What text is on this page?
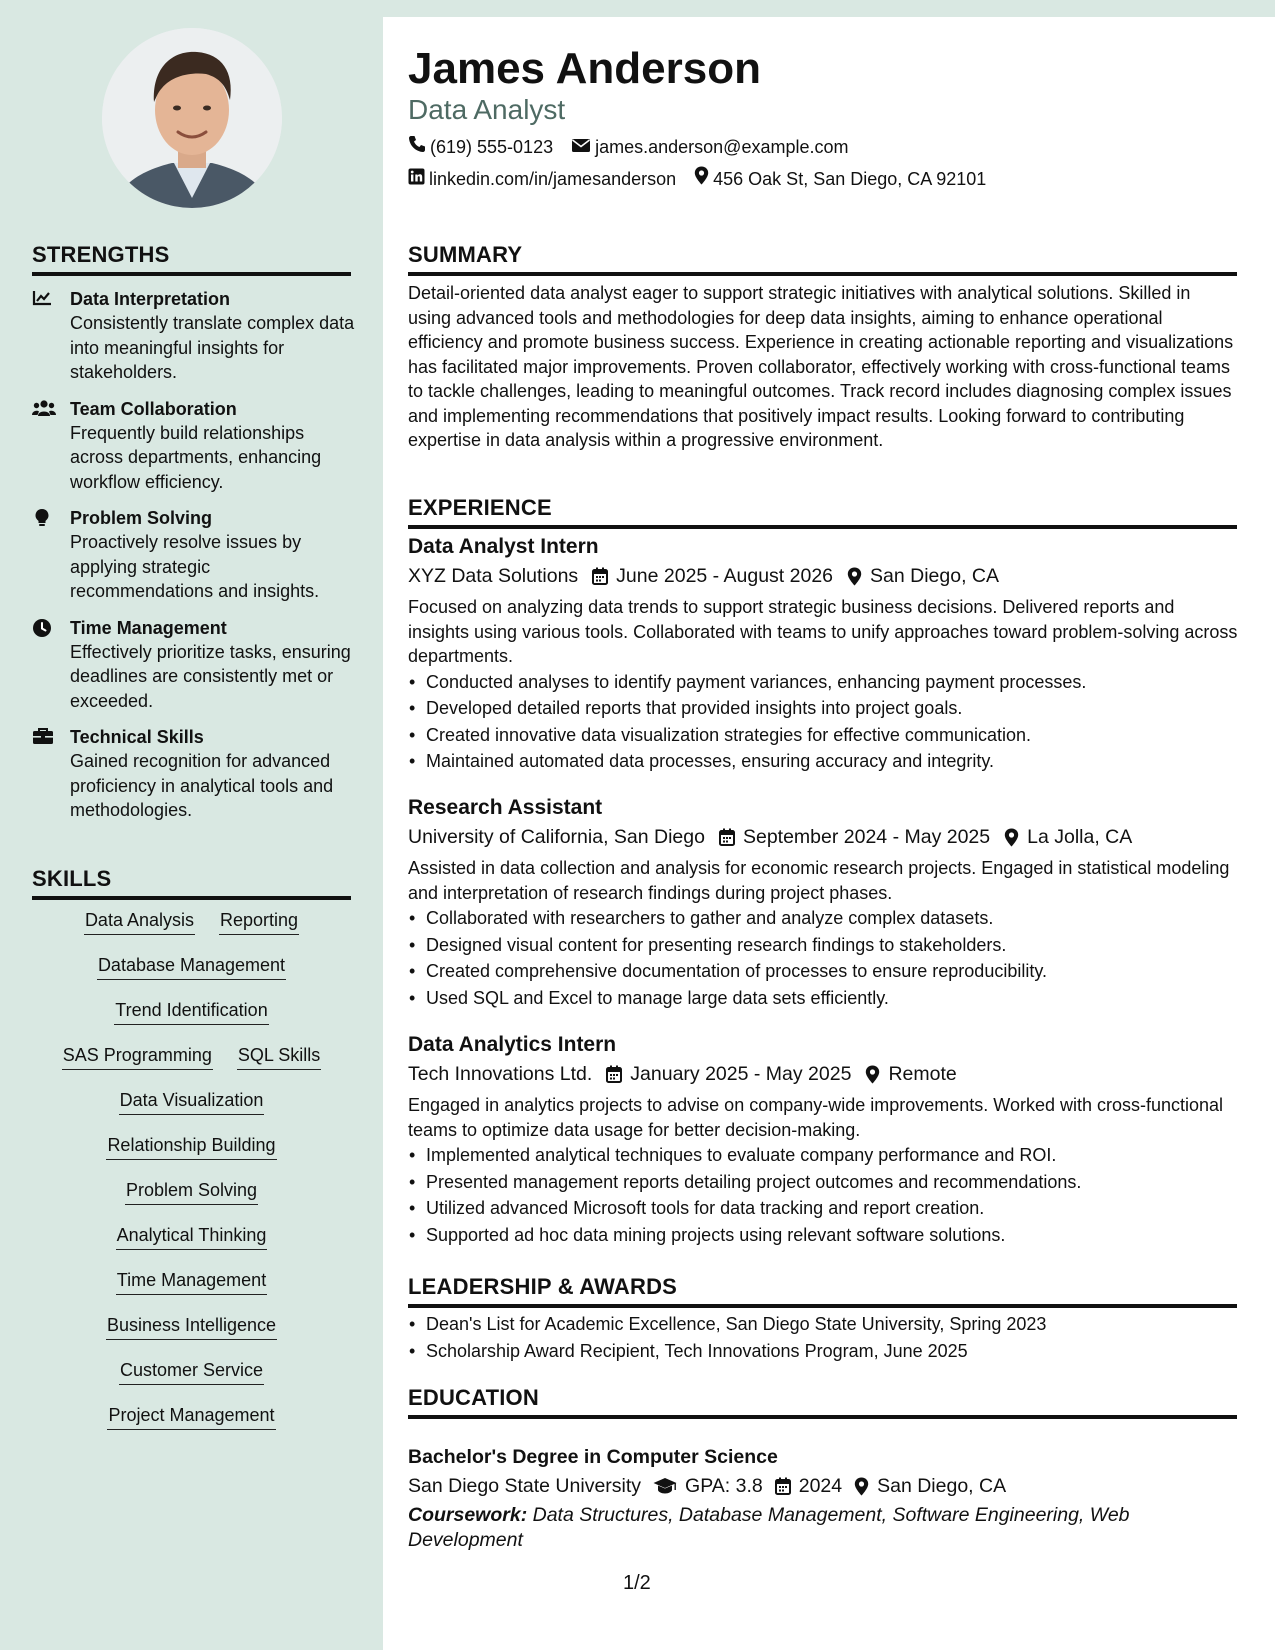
STRENGTHS
Data Interpretation
Consistently translate complex data into meaningful insights for stakeholders.
Team Collaboration
Frequently build relationships across departments, enhancing workflow efficiency.
Problem Solving
Proactively resolve issues by applying strategic recommendations and insights.
Time Management
Effectively prioritize tasks, ensuring deadlines are consistently met or exceeded.
Technical Skills
Gained recognition for advanced proficiency in analytical tools and methodologies.
SKILLS
Data Analysis Reporting
Database Management
Trend Identification
SAS Programming SQL Skills
Data Visualization
Relationship Building
Problem Solving
Analytical Thinking
Time Management
Business Intelligence
Customer Service
Project Management
James Anderson
Data Analyst
(619) 555-0123 james.anderson@example.com
linkedin.com/in/jamesanderson 456 Oak St, San Diego, CA 92101
SUMMARY

Detail-oriented data analyst eager to support strategic initiatives with analytical solutions. Skilled in using advanced tools and methodologies for deep data insights, aiming to enhance operational efficiency and promote business success. Experience in creating actionable reporting and visualizations has facilitated major improvements. Proven collaborator, effectively working with cross-functional teams to tackle challenges, leading to meaningful outcomes. Track record includes diagnosing complex issues and implementing recommendations that positively impact results. Looking forward to contributing expertise in data analysis within a progressive environment.

EXPERIENCE
Data Analyst Intern
XYZ Data Solutions June 2025 - August 2026 San Diego, CA

Focused on analyzing data trends to support strategic business decisions. Delivered reports and insights using various tools. Collaborated with teams to unify approaches toward problem-solving across departments.

• Conducted analyses to identify payment variances, enhancing payment processes.
• Developed detailed reports that provided insights into project goals.
• Created innovative data visualization strategies for effective communication.
• Maintained automated data processes, ensuring accuracy and integrity.
Research Assistant
University of California, San Diego September 2024 - May 2025 La Jolla, CA

Assisted in data collection and analysis for economic research projects. Engaged in statistical modeling and interpretation of research findings during project phases.

• Collaborated with researchers to gather and analyze complex datasets.
• Designed visual content for presenting research findings to stakeholders.
• Created comprehensive documentation of processes to ensure reproducibility.
• Used SQL and Excel to manage large data sets efficiently.
Data Analytics Intern
Tech Innovations Ltd. January 2025 - May 2025 Remote

Engaged in analytics projects to advise on company-wide improvements. Worked with cross-functional teams to optimize data usage for better decision-making.

• Implemented analytical techniques to evaluate company performance and ROI.
• Presented management reports detailing project outcomes and recommendations.
• Utilized advanced Microsoft tools for data tracking and report creation.
• Supported ad hoc data mining projects using relevant software solutions.
LEADERSHIP & AWARDS
• Dean's List for Academic Excellence, San Diego State University, Spring 2023
• Scholarship Award Recipient, Tech Innovations Program, June 2025
EDUCATION
Bachelor's Degree in Computer Science
San Diego State University GPA: 3.8 2024 San Diego, CA
Coursework: Data Structures, Database Management, Software Engineering, Web Development
1/2
